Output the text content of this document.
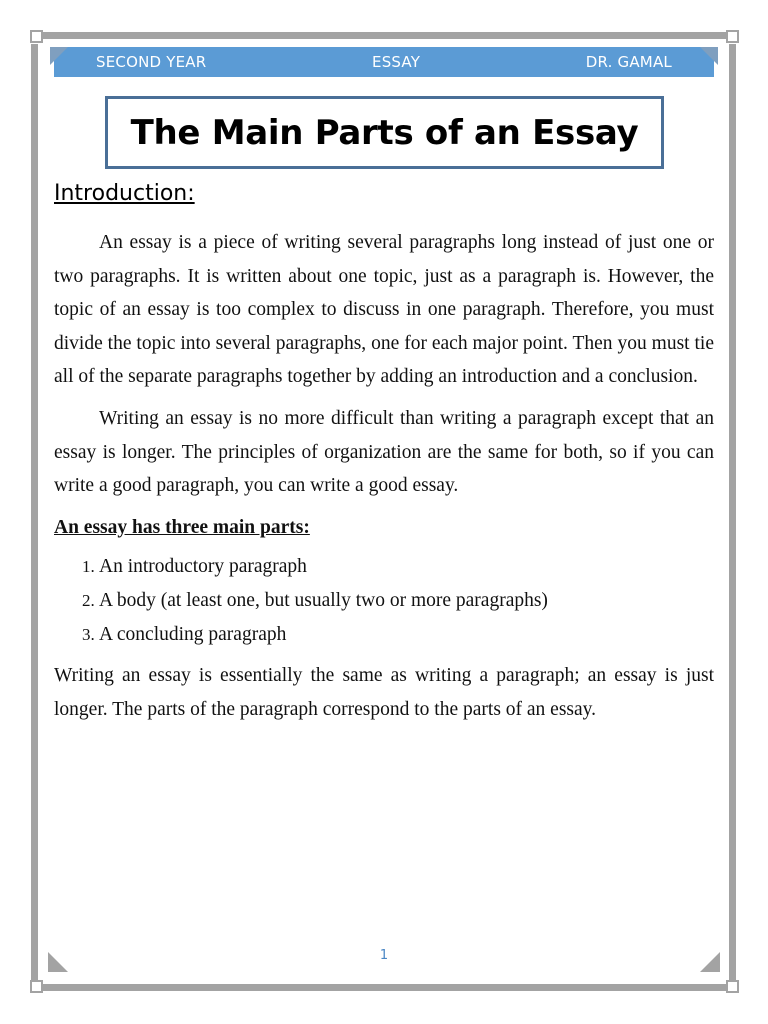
SECOND YEAR	ESSAY	DR. GAMAL
The Main Parts of an Essay
Introduction:

An essay is a piece of writing several paragraphs long instead of just one or two paragraphs. It is written about one topic, just as a paragraph is. However, the topic of an essay is too complex to discuss in one paragraph. Therefore, you must divide the topic into several paragraphs, one for each major point. Then you must tie all of the separate paragraphs together by adding an introduction and a conclusion.

Writing an essay is no more difficult than writing a paragraph except that an essay is longer. The principles of organization are the same for both, so if you can write a good paragraph, you can write a good essay.

An essay has three main parts:

1. An introductory paragraph
2. A body (at least one, but usually two or more paragraphs)
3. A concluding paragraph

Writing an essay is essentially the same as writing a paragraph; an essay is just longer. The parts of the paragraph correspond to the parts of an essay.

1
